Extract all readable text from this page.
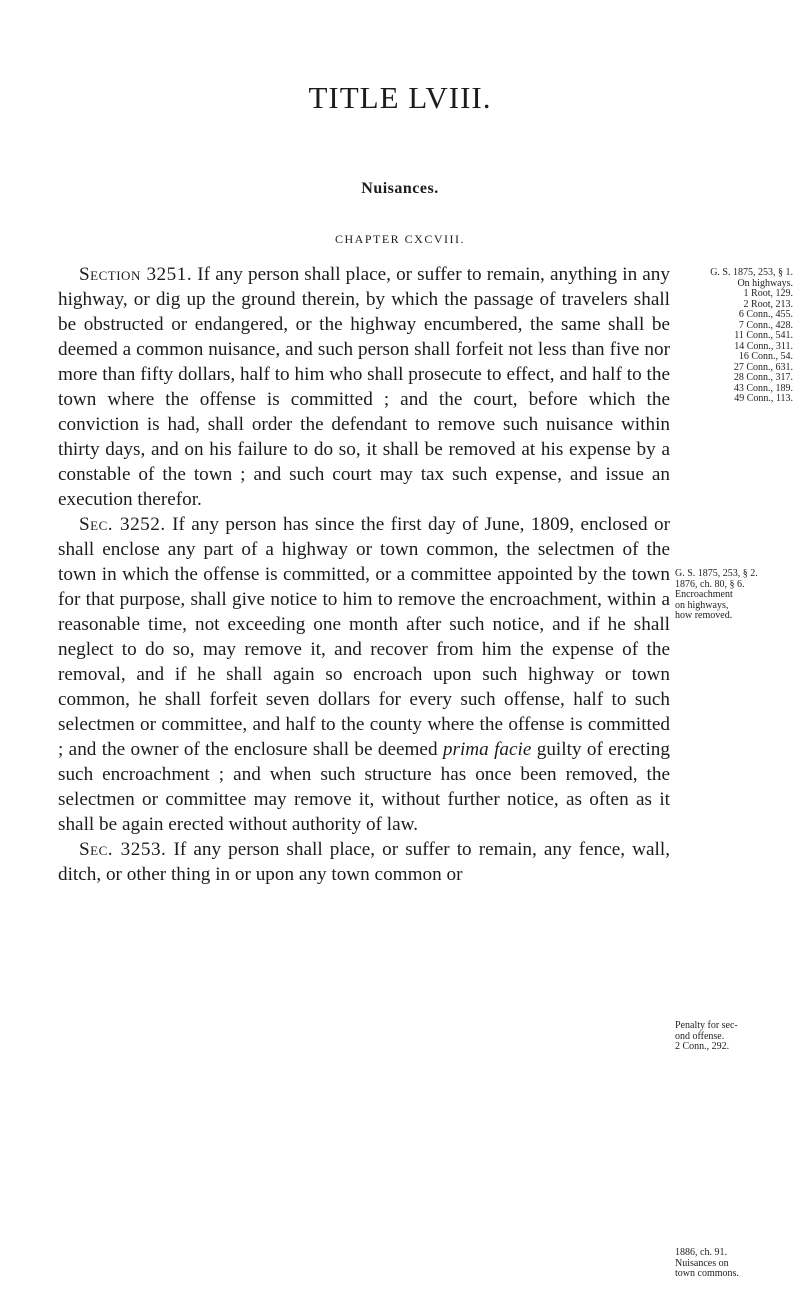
TITLE LVIII.
Nuisances.
CHAPTER CXCVIII.

Section 3251. If any person shall place, or suffer to remain, anything in any highway, or dig up the ground therein, by which the passage of travelers shall be obstructed or endangered, or the highway encumbered, the same shall be deemed a common nuisance, and such person shall forfeit not less than five nor more than fifty dollars, half to him who shall prosecute to effect, and half to the town where the offense is committed ; and the court, before which the conviction is had, shall order the defendant to remove such nuisance within thirty days, and on his failure to do so, it shall be removed at his expense by a constable of the town ; and such court may tax such expense, and issue an execution therefor.

Sec. 3252. If any person has since the first day of June, 1809, enclosed or shall enclose any part of a highway or town common, the selectmen of the town in which the offense is committed, or a committee appointed by the town for that purpose, shall give notice to him to remove the encroachment, within a reasonable time, not exceeding one month after such notice, and if he shall neglect to do so, may remove it, and recover from him the expense of the removal, and if he shall again so encroach upon such highway or town common, he shall forfeit seven dollars for every such offense, half to such selectmen or committee, and half to the county where the offense is committed ; and the owner of the enclosure shall be deemed prima facie guilty of erecting such encroachment ; and when such structure has once been removed, the selectmen or committee may remove it, without further notice, as often as it shall be again erected without authority of law.

Sec. 3253. If any person shall place, or suffer to remain, any fence, wall, ditch, or other thing in or upon any town common or

G. S. 1875, 253, § 1.
On highways.
1 Root, 129.
2 Root, 213.
6 Conn., 455.
7 Conn., 428.
11 Conn., 541.
14 Conn., 311.
16 Conn., 54.
27 Conn., 631.
28 Conn., 317.
43 Conn., 189.
49 Conn., 113.
G. S. 1875, 253, § 2.
1876, ch. 80, § 6.
Encroachment
on highways,
how removed.
Penalty for sec-
ond offense.
2 Conn., 292.
1886, ch. 91.
Nuisances on
town commons.
